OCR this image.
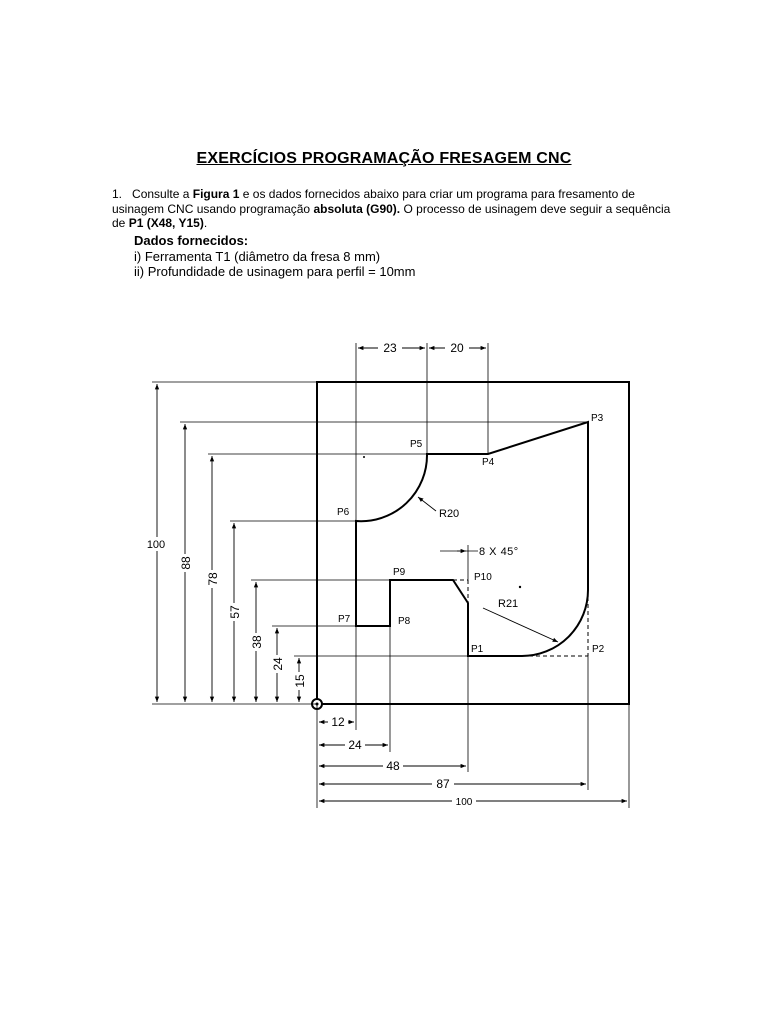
EXERCÍCIOS PROGRAMAÇÃO FRESAGEM CNC
1. Consulte a Figura 1 e os dados fornecidos abaixo para criar um programa para fresamento de usinagem CNC usando programação absoluta (G90). O processo de usinagem deve seguir a sequência de P1 (X48, Y15).
Dados fornecidos:
i) Ferramenta T1 (diâmetro da fresa 8 mm)
ii) Profundidade de usinagem para perfil = 10mm
100
88
78
57
38
24
15
23	20
12
24
48
87
100
P1	P2
P3
P4
P5
P6
P7	P8
P9	P10
R20
R21
8 X 45°
